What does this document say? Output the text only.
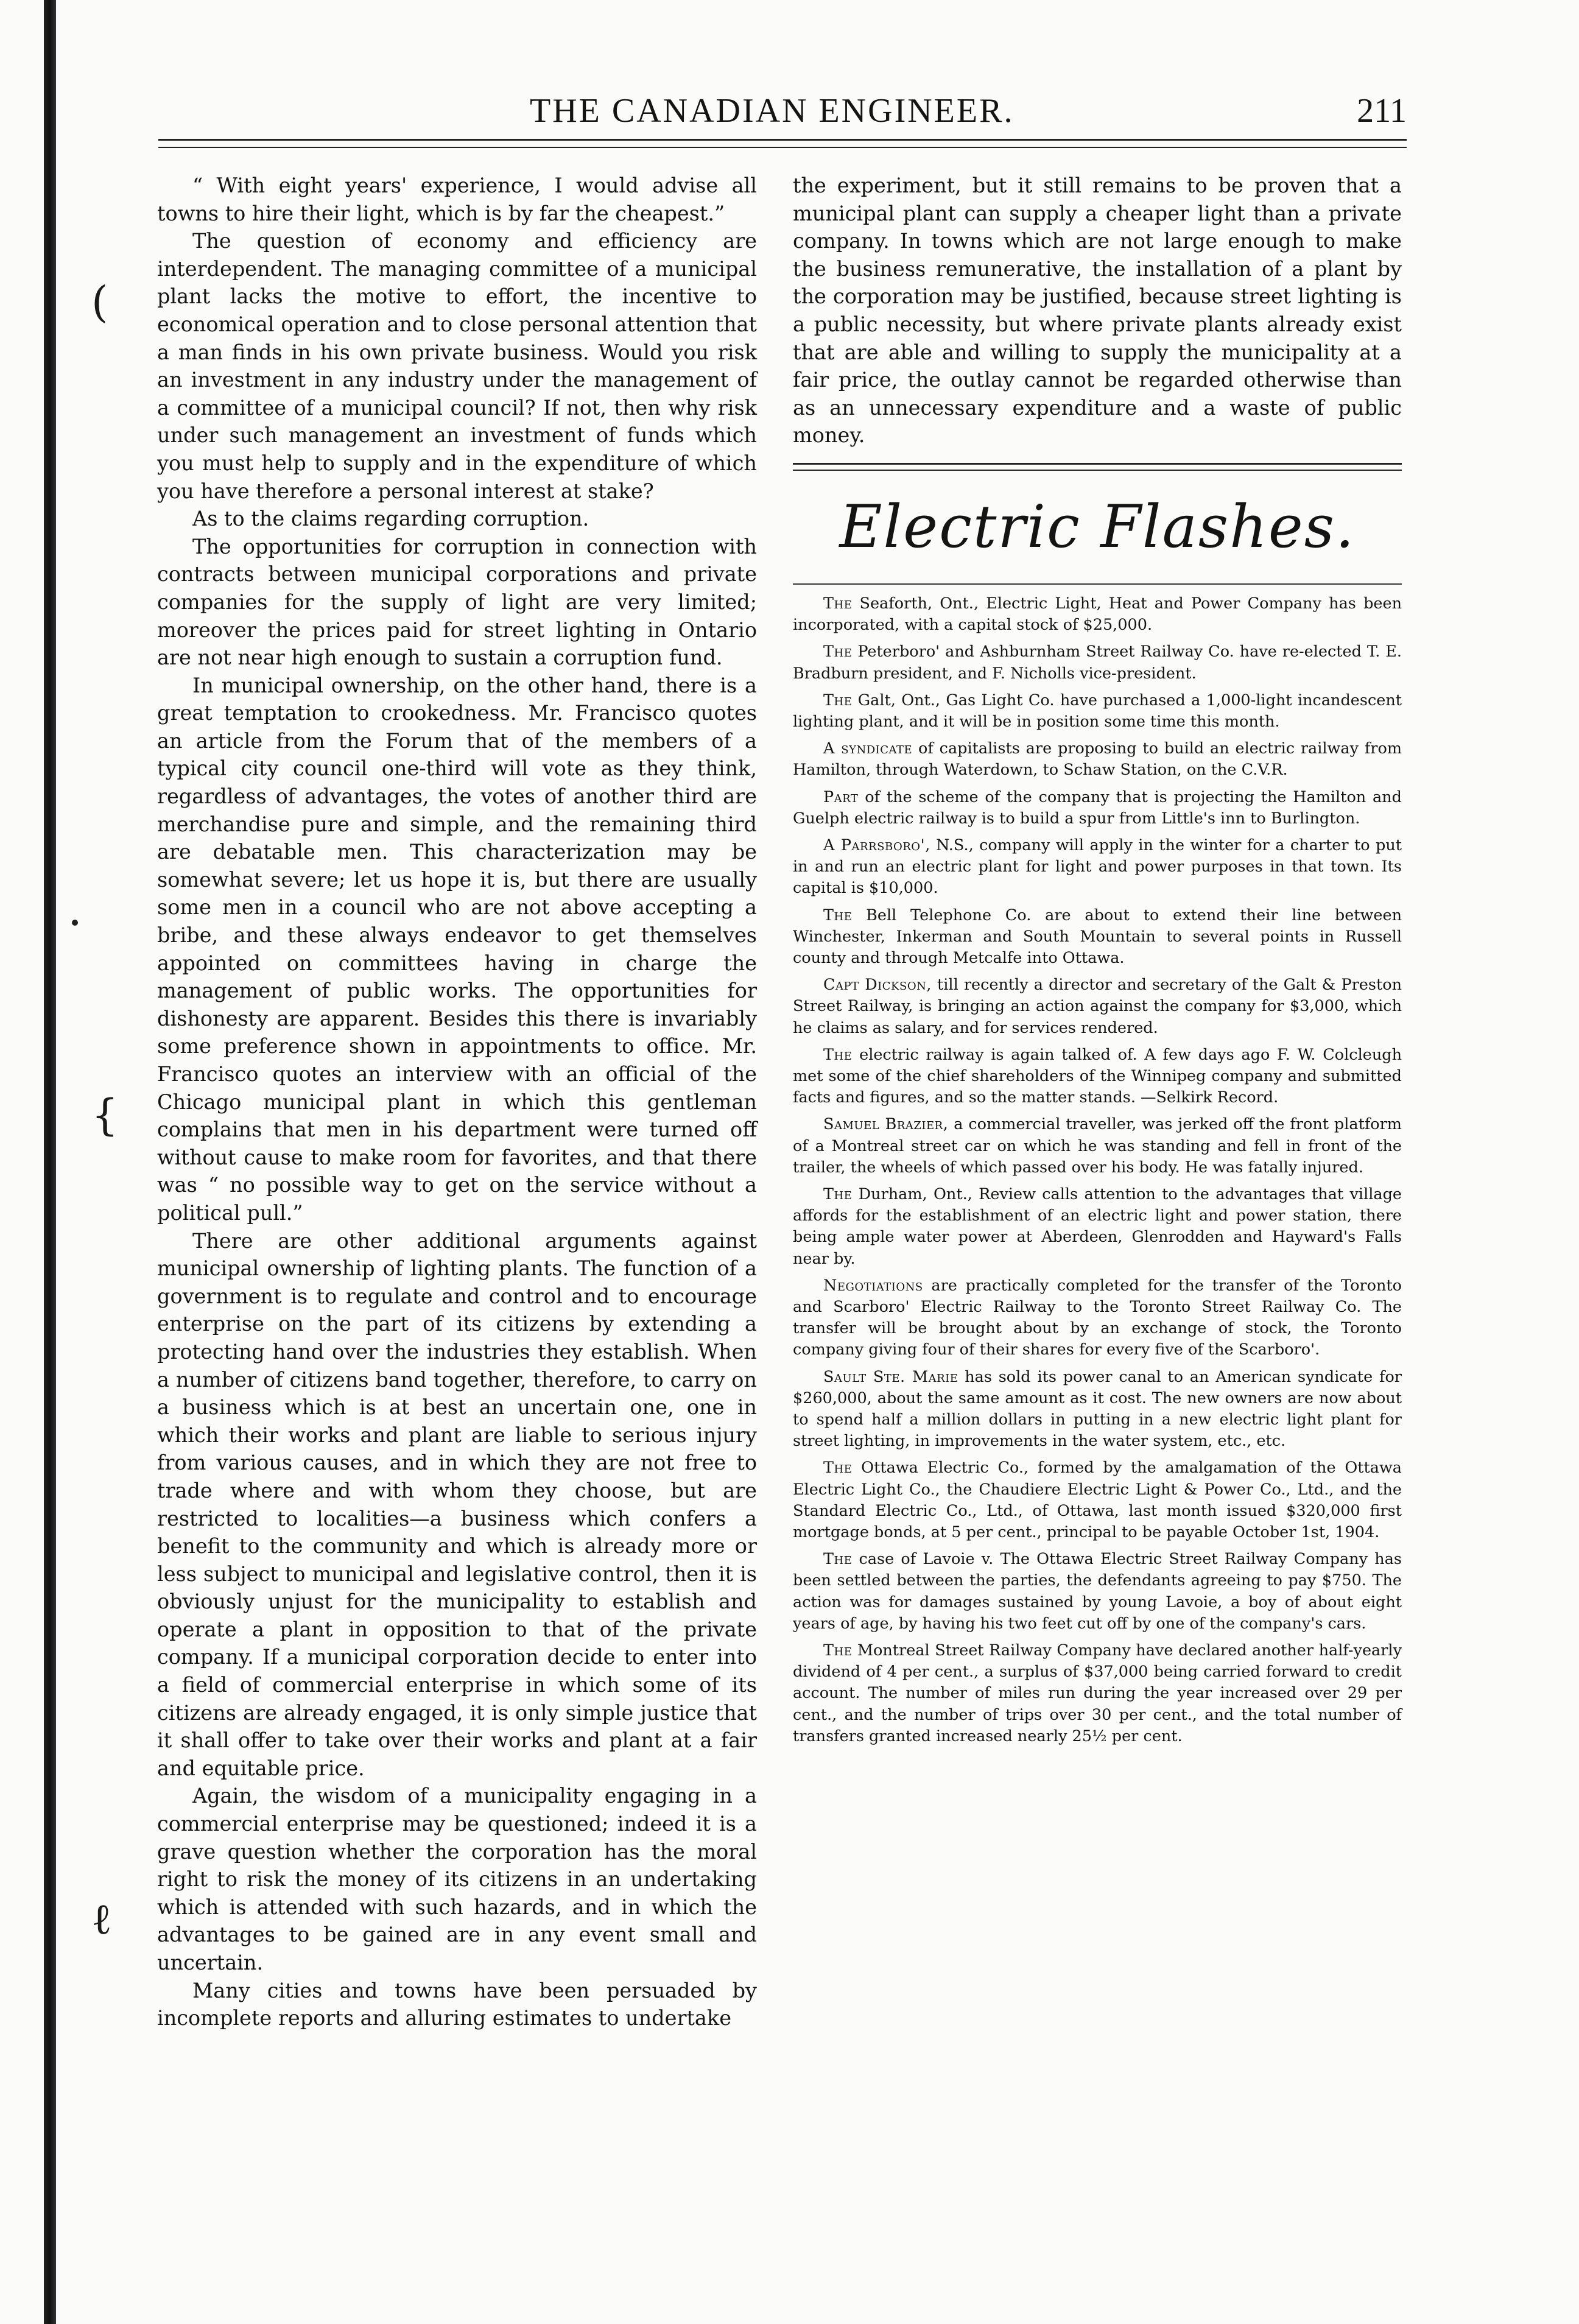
(
{
ℓ
THE CANADIAN ENGINEER.	211

“ With eight years' experience, I would advise all towns to hire their light, which is by far the cheapest.”

The question of economy and efficiency are interdependent. The managing committee of a municipal plant lacks the motive to effort, the incentive to economical operation and to close personal attention that a man finds in his own private business. Would you risk an investment in any industry under the management of a committee of a municipal council? If not, then why risk under such management an investment of funds which you must help to supply and in the expenditure of which you have therefore a personal interest at stake?

As to the claims regarding corruption.

The opportunities for corruption in connection with contracts between municipal corporations and private companies for the supply of light are very limited; moreover the prices paid for street lighting in Ontario are not near high enough to sustain a corruption fund.

In municipal ownership, on the other hand, there is a great temptation to crookedness. Mr. Francisco quotes an article from the Forum that of the members of a typical city council one-third will vote as they think, regardless of advantages, the votes of another third are merchandise pure and simple, and the remaining third are debatable men. This characterization may be somewhat severe; let us hope it is, but there are usually some men in a council who are not above accepting a bribe, and these always endeavor to get themselves appointed on committees having in charge the management of public works. The opportunities for dishonesty are apparent. Besides this there is invariably some preference shown in appointments to office. Mr. Francisco quotes an interview with an official of the Chicago municipal plant in which this gentleman complains that men in his department were turned off without cause to make room for favorites, and that there was “ no possible way to get on the service without a political pull.”

There are other additional arguments against municipal ownership of lighting plants. The function of a government is to regulate and control and to encourage enterprise on the part of its citizens by extending a protecting hand over the industries they establish. When a number of citizens band together, therefore, to carry on a business which is at best an uncertain one, one in which their works and plant are liable to serious injury from various causes, and in which they are not free to trade where and with whom they choose, but are restricted to localities—a business which confers a benefit to the community and which is already more or less subject to municipal and legislative control, then it is obviously unjust for the municipality to establish and operate a plant in opposition to that of the private company. If a municipal corporation decide to enter into a field of commercial enterprise in which some of its citizens are already engaged, it is only simple justice that it shall offer to take over their works and plant at a fair and equitable price.

Again, the wisdom of a municipality engaging in a commercial enterprise may be questioned; indeed it is a grave question whether the corporation has the moral right to risk the money of its citizens in an undertaking which is attended with such hazards, and in which the advantages to be gained are in any event small and uncertain.

Many cities and towns have been persuaded by incomplete reports and alluring estimates to undertake

the experiment, but it still remains to be proven that a municipal plant can supply a cheaper light than a private company. In towns which are not large enough to make the business remunerative, the installation of a plant by the corporation may be justified, because street lighting is a public necessity, but where private plants already exist that are able and willing to supply the municipality at a fair price, the outlay cannot be regarded otherwise than as an unnecessary expenditure and a waste of public money.

Electric Flashes.

The Seaforth, Ont., Electric Light, Heat and Power Company has been incorporated, with a capital stock of $25,000.

The Peterboro' and Ashburnham Street Railway Co. have re-elected T. E. Bradburn president, and F. Nicholls vice-president.

The Galt, Ont., Gas Light Co. have purchased a 1,000-light incandescent lighting plant, and it will be in position some time this month.

A syndicate of capitalists are proposing to build an electric railway from Hamilton, through Waterdown, to Schaw Station, on the C.V.R.

Part of the scheme of the company that is projecting the Hamilton and Guelph electric railway is to build a spur from Little's inn to Burlington.

A Parrsboro', N.S., company will apply in the winter for a charter to put in and run an electric plant for light and power purposes in that town. Its capital is $10,000.

The Bell Telephone Co. are about to extend their line between Winchester, Inkerman and South Mountain to several points in Russell county and through Metcalfe into Ottawa.

Capt Dickson, till recently a director and secretary of the Galt & Preston Street Railway, is bringing an action against the company for $3,000, which he claims as salary, and for services rendered.

The electric railway is again talked of. A few days ago F. W. Colcleugh met some of the chief shareholders of the Winnipeg company and submitted facts and figures, and so the matter stands. —Selkirk Record.

Samuel Brazier, a commercial traveller, was jerked off the front platform of a Montreal street car on which he was standing and fell in front of the trailer, the wheels of which passed over his body. He was fatally injured.

The Durham, Ont., Review calls attention to the advantages that village affords for the establishment of an electric light and power station, there being ample water power at Aberdeen, Glenrodden and Hayward's Falls near by.

Negotiations are practically completed for the transfer of the Toronto and Scarboro' Electric Railway to the Toronto Street Railway Co. The transfer will be brought about by an exchange of stock, the Toronto company giving four of their shares for every five of the Scarboro'.

Sault Ste. Marie has sold its power canal to an American syndicate for $260,000, about the same amount as it cost. The new owners are now about to spend half a million dollars in putting in a new electric light plant for street lighting, in improvements in the water system, etc., etc.

The Ottawa Electric Co., formed by the amalgamation of the Ottawa Electric Light Co., the Chaudiere Electric Light & Power Co., Ltd., and the Standard Electric Co., Ltd., of Ottawa, last month issued $320,000 first mortgage bonds, at 5 per cent., principal to be payable October 1st, 1904.

The case of Lavoie v. The Ottawa Electric Street Railway Company has been settled between the parties, the defendants agreeing to pay $750. The action was for damages sustained by young Lavoie, a boy of about eight years of age, by having his two feet cut off by one of the company's cars.

The Montreal Street Railway Company have declared another half-yearly dividend of 4 per cent., a surplus of $37,000 being carried forward to credit account. The number of miles run during the year increased over 29 per cent., and the number of trips over 30 per cent., and the total number of transfers granted increased nearly 25½ per cent.
